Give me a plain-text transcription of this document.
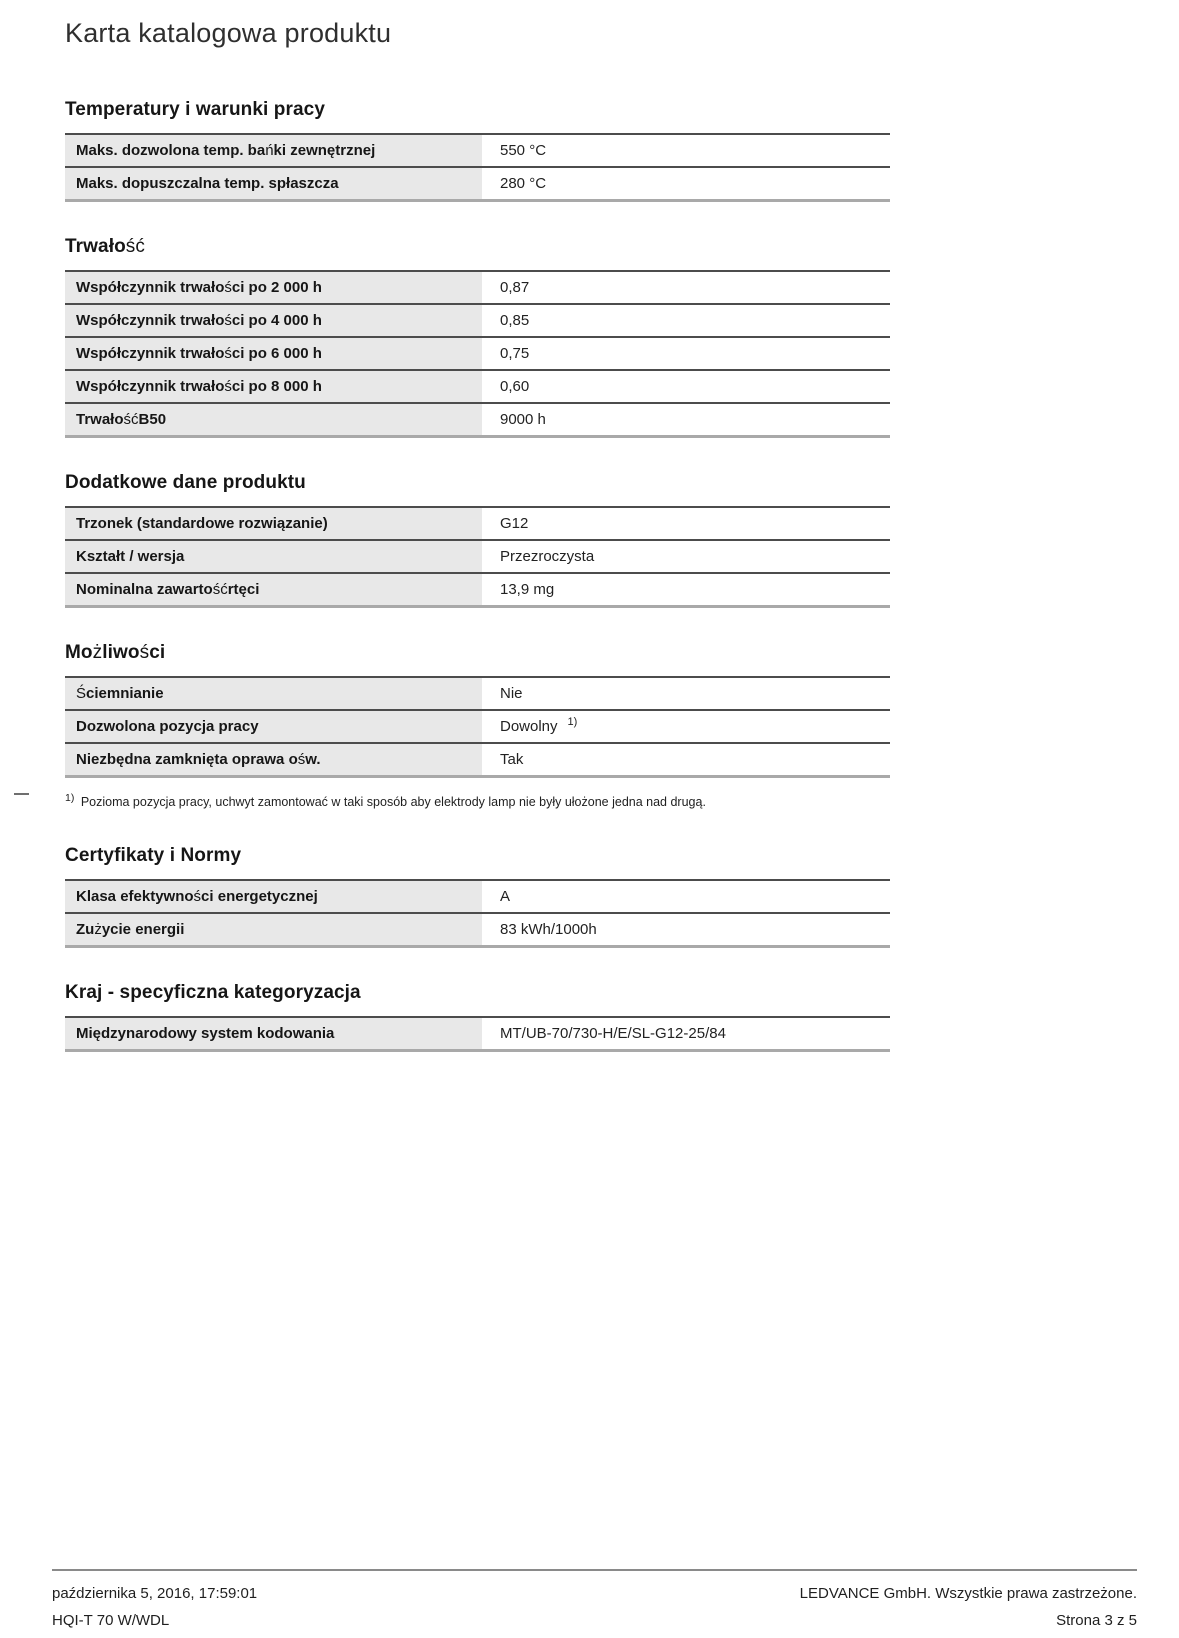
Karta katalogowa produktu
Temperatury i warunki pracy
Maks. dozwolona temp. ba ń ki zewnętrznej	550 °C
Maks. dopuszczalna temp. spłaszcza	280 °C
Trwałość
Współczynnik trwało ś ci po 2 000 h	0,87
Współczynnik trwało ś ci po 4 000 h	0,85
Współczynnik trwało ś ci po 6 000 h	0,75
Współczynnik trwało ś ci po 8 000 h	0,60
Trwało ś ć B50	9000 h
Dodatkowe dane produktu
Trzonek (standardowe rozwiązanie)	G12
Kształt / wersja	Przezroczysta
Nominalna zawarto ś ć rtęci	13,9 mg
Możliwości
Ś ciemnianie	Nie
Dozwolona pozycja pracy	Dowolny 1)
Niezbędna zamknięta oprawa o ś w.	Tak

$^{1)}$ Pozioma pozycja pracy, uchwyt zamontować w taki sposób aby elektrody lamp nie były ułożone jedna nad drugą.

Certyfikaty i Normy
Klasa efektywno ś ci energetycznej	A
Zu ż ycie energii	83 kWh/1000h
Kraj - specyficzna kategoryzacja
Międzynarodowy system kodowania	MT/UB-70/730-H/E/SL-G12-25/84
października 5, 2016, 17:59:01	LEDVANCE GmbH. Wszystkie prawa zastrzeżone.
HQI-T 70 W/WDL	Strona 3 z 5
